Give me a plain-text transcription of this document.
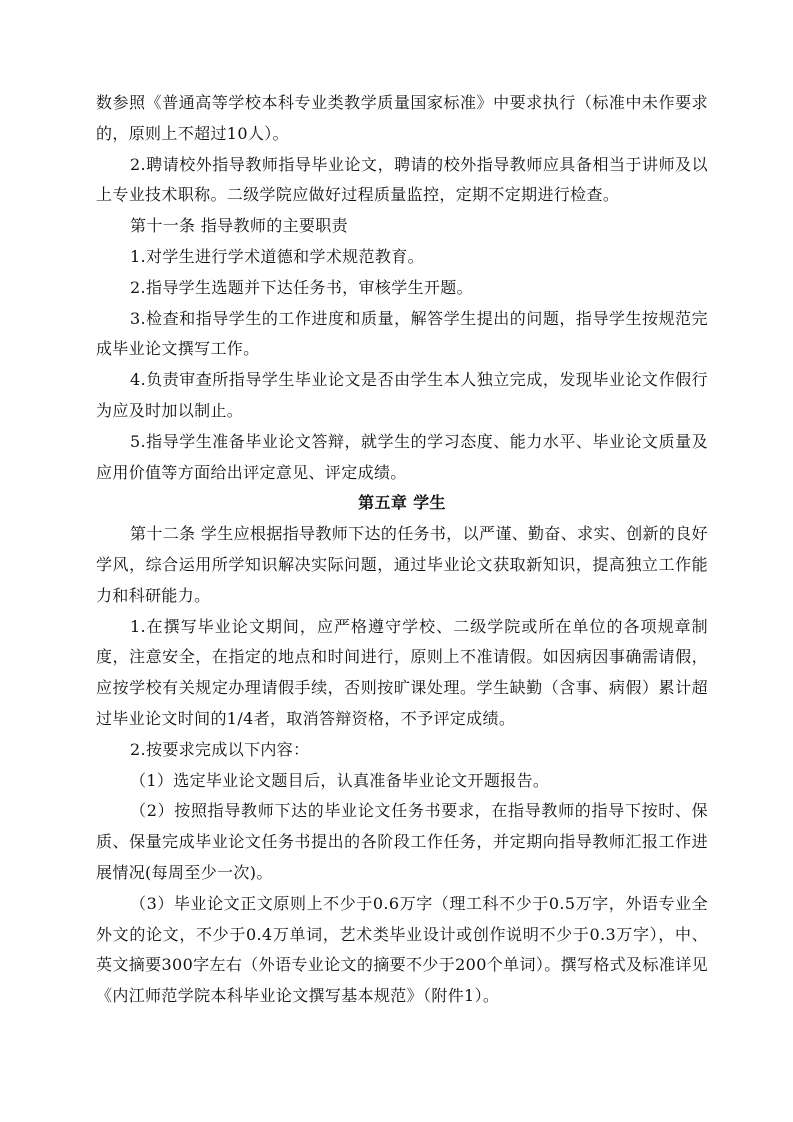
数参照《普通高等学校本科专业类教学质量国家标准》中要求执行（标准中未作要求的，原则上不超过10人）。

2.聘请校外指导教师指导毕业论文，聘请的校外指导教师应具备相当于讲师及以上专业技术职称。二级学院应做好过程质量监控，定期不定期进行检查。

第十一条 指导教师的主要职责

1.对学生进行学术道德和学术规范教育。

2.指导学生选题并下达任务书，审核学生开题。

3.检查和指导学生的工作进度和质量，解答学生提出的问题，指导学生按规范完成毕业论文撰写工作。

4.负责审查所指导学生毕业论文是否由学生本人独立完成，发现毕业论文作假行为应及时加以制止。

5.指导学生准备毕业论文答辩，就学生的学习态度、能力水平、毕业论文质量及应用价值等方面给出评定意见、评定成绩。

第五章 学生

第十二条 学生应根据指导教师下达的任务书，以严谨、勤奋、求实、创新的良好学风，综合运用所学知识解决实际问题，通过毕业论文获取新知识，提高独立工作能力和科研能力。

1.在撰写毕业论文期间，应严格遵守学校、二级学院或所在单位的各项规章制度，注意安全，在指定的地点和时间进行，原则上不准请假。如因病因事确需请假，应按学校有关规定办理请假手续，否则按旷课处理。学生缺勤（含事、病假）累计超过毕业论文时间的1/4者，取消答辩资格，不予评定成绩。

2.按要求完成以下内容：

（1）选定毕业论文题目后，认真准备毕业论文开题报告。

（2）按照指导教师下达的毕业论文任务书要求，在指导教师的指导下按时、保质、保量完成毕业论文任务书提出的各阶段工作任务，并定期向指导教师汇报工作进展情况(每周至少一次)。

（3）毕业论文正文原则上不少于0.6万字（理工科不少于0.5万字，外语专业全外文的论文，不少于0.4万单词，艺术类毕业设计或创作说明不少于0.3万字），中、英文摘要300字左右（外语专业论文的摘要不少于200个单词）。撰写格式及标准详见《内江师范学院本科毕业论文撰写基本规范》（附件1）。
